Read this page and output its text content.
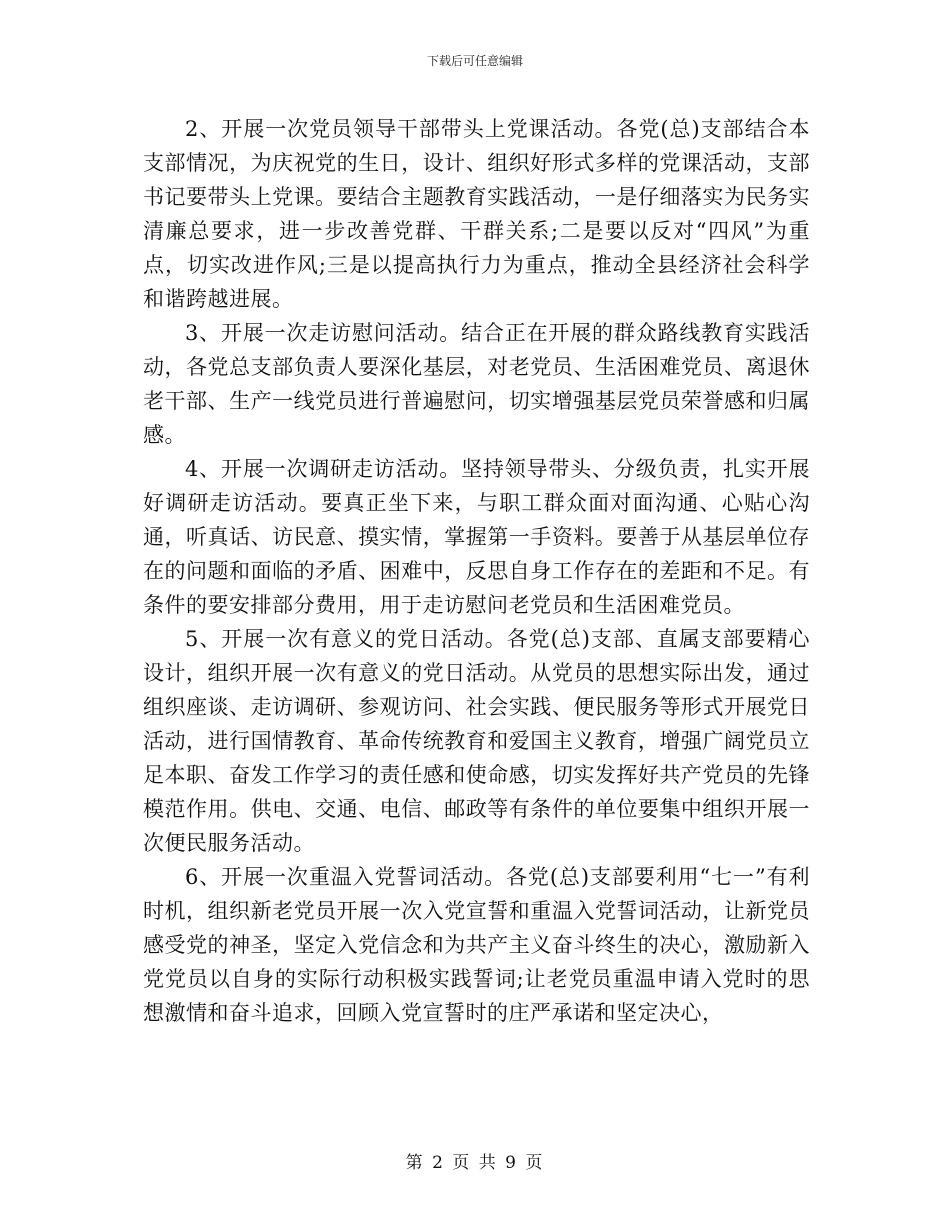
下载后可任意编辑

2、开展一次党员领导干部带头上党课活动。各党(总)支部结合本支部情况，为庆祝党的生日，设计、组织好形式多样的党课活动，支部书记要带头上党课。要结合主题教育实践活动，一是仔细落实为民务实清廉总要求，进一步改善党群、干群关系;二是要以反对“四风”为重点，切实改进作风;三是以提高执行力为重点，推动全县经济社会科学和谐跨越进展。

3、开展一次走访慰问活动。结合正在开展的群众路线教育实践活动，各党总支部负责人要深化基层，对老党员、生活困难党员、离退休老干部、生产一线党员进行普遍慰问，切实增强基层党员荣誉感和归属感。

4、开展一次调研走访活动。坚持领导带头、分级负责，扎实开展好调研走访活动。要真正坐下来，与职工群众面对面沟通、心贴心沟通，听真话、访民意、摸实情，掌握第一手资料。要善于从基层单位存在的问题和面临的矛盾、困难中，反思自身工作存在的差距和不足。有条件的要安排部分费用，用于走访慰问老党员和生活困难党员。

5、开展一次有意义的党日活动。各党(总)支部、直属支部要精心设计，组织开展一次有意义的党日活动。从党员的思想实际出发，通过组织座谈、走访调研、参观访问、社会实践、便民服务等形式开展党日活动，进行国情教育、革命传统教育和爱国主义教育，增强广阔党员立足本职、奋发工作学习的责任感和使命感，切实发挥好共产党员的先锋模范作用。供电、交通、电信、邮政等有条件的单位要集中组织开展一次便民服务活动。

6、开展一次重温入党誓词活动。各党(总)支部要利用“七一”有利时机，组织新老党员开展一次入党宣誓和重温入党誓词活动，让新党员感受党的神圣，坚定入党信念和为共产主义奋斗终生的决心，激励新入党党员以自身的实际行动积极实践誓词;让老党员重温申请入党时的思想激情和奋斗追求，回顾入党宣誓时的庄严承诺和坚定决心，

第 2 页 共 9 页
